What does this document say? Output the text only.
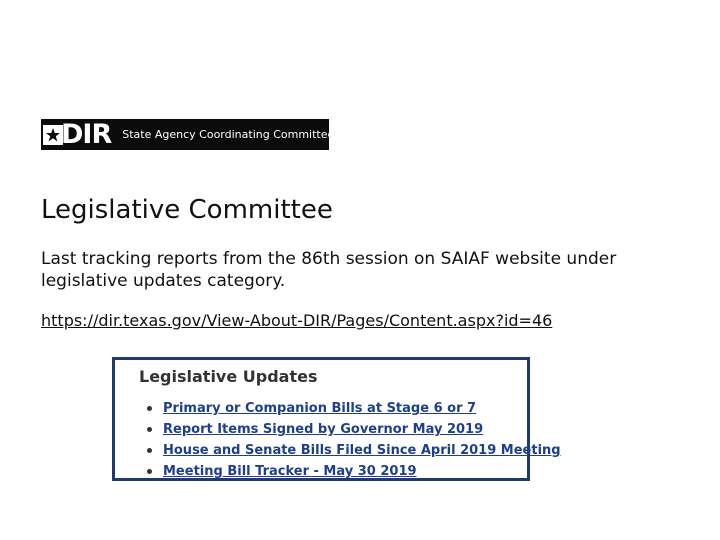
DIR State Agency Coordinating Committee
Legislative Committee

Last tracking reports from the 86th session on SAIAF website under legislative updates category.

https://dir.texas.gov/View-About-DIR/Pages/Content.aspx?id=46
Legislative Updates
Primary or Companion Bills at Stage 6 or 7
Report Items Signed by Governor May 2019
House and Senate Bills Filed Since April 2019 Meeting
Meeting Bill Tracker - May 30 2019
